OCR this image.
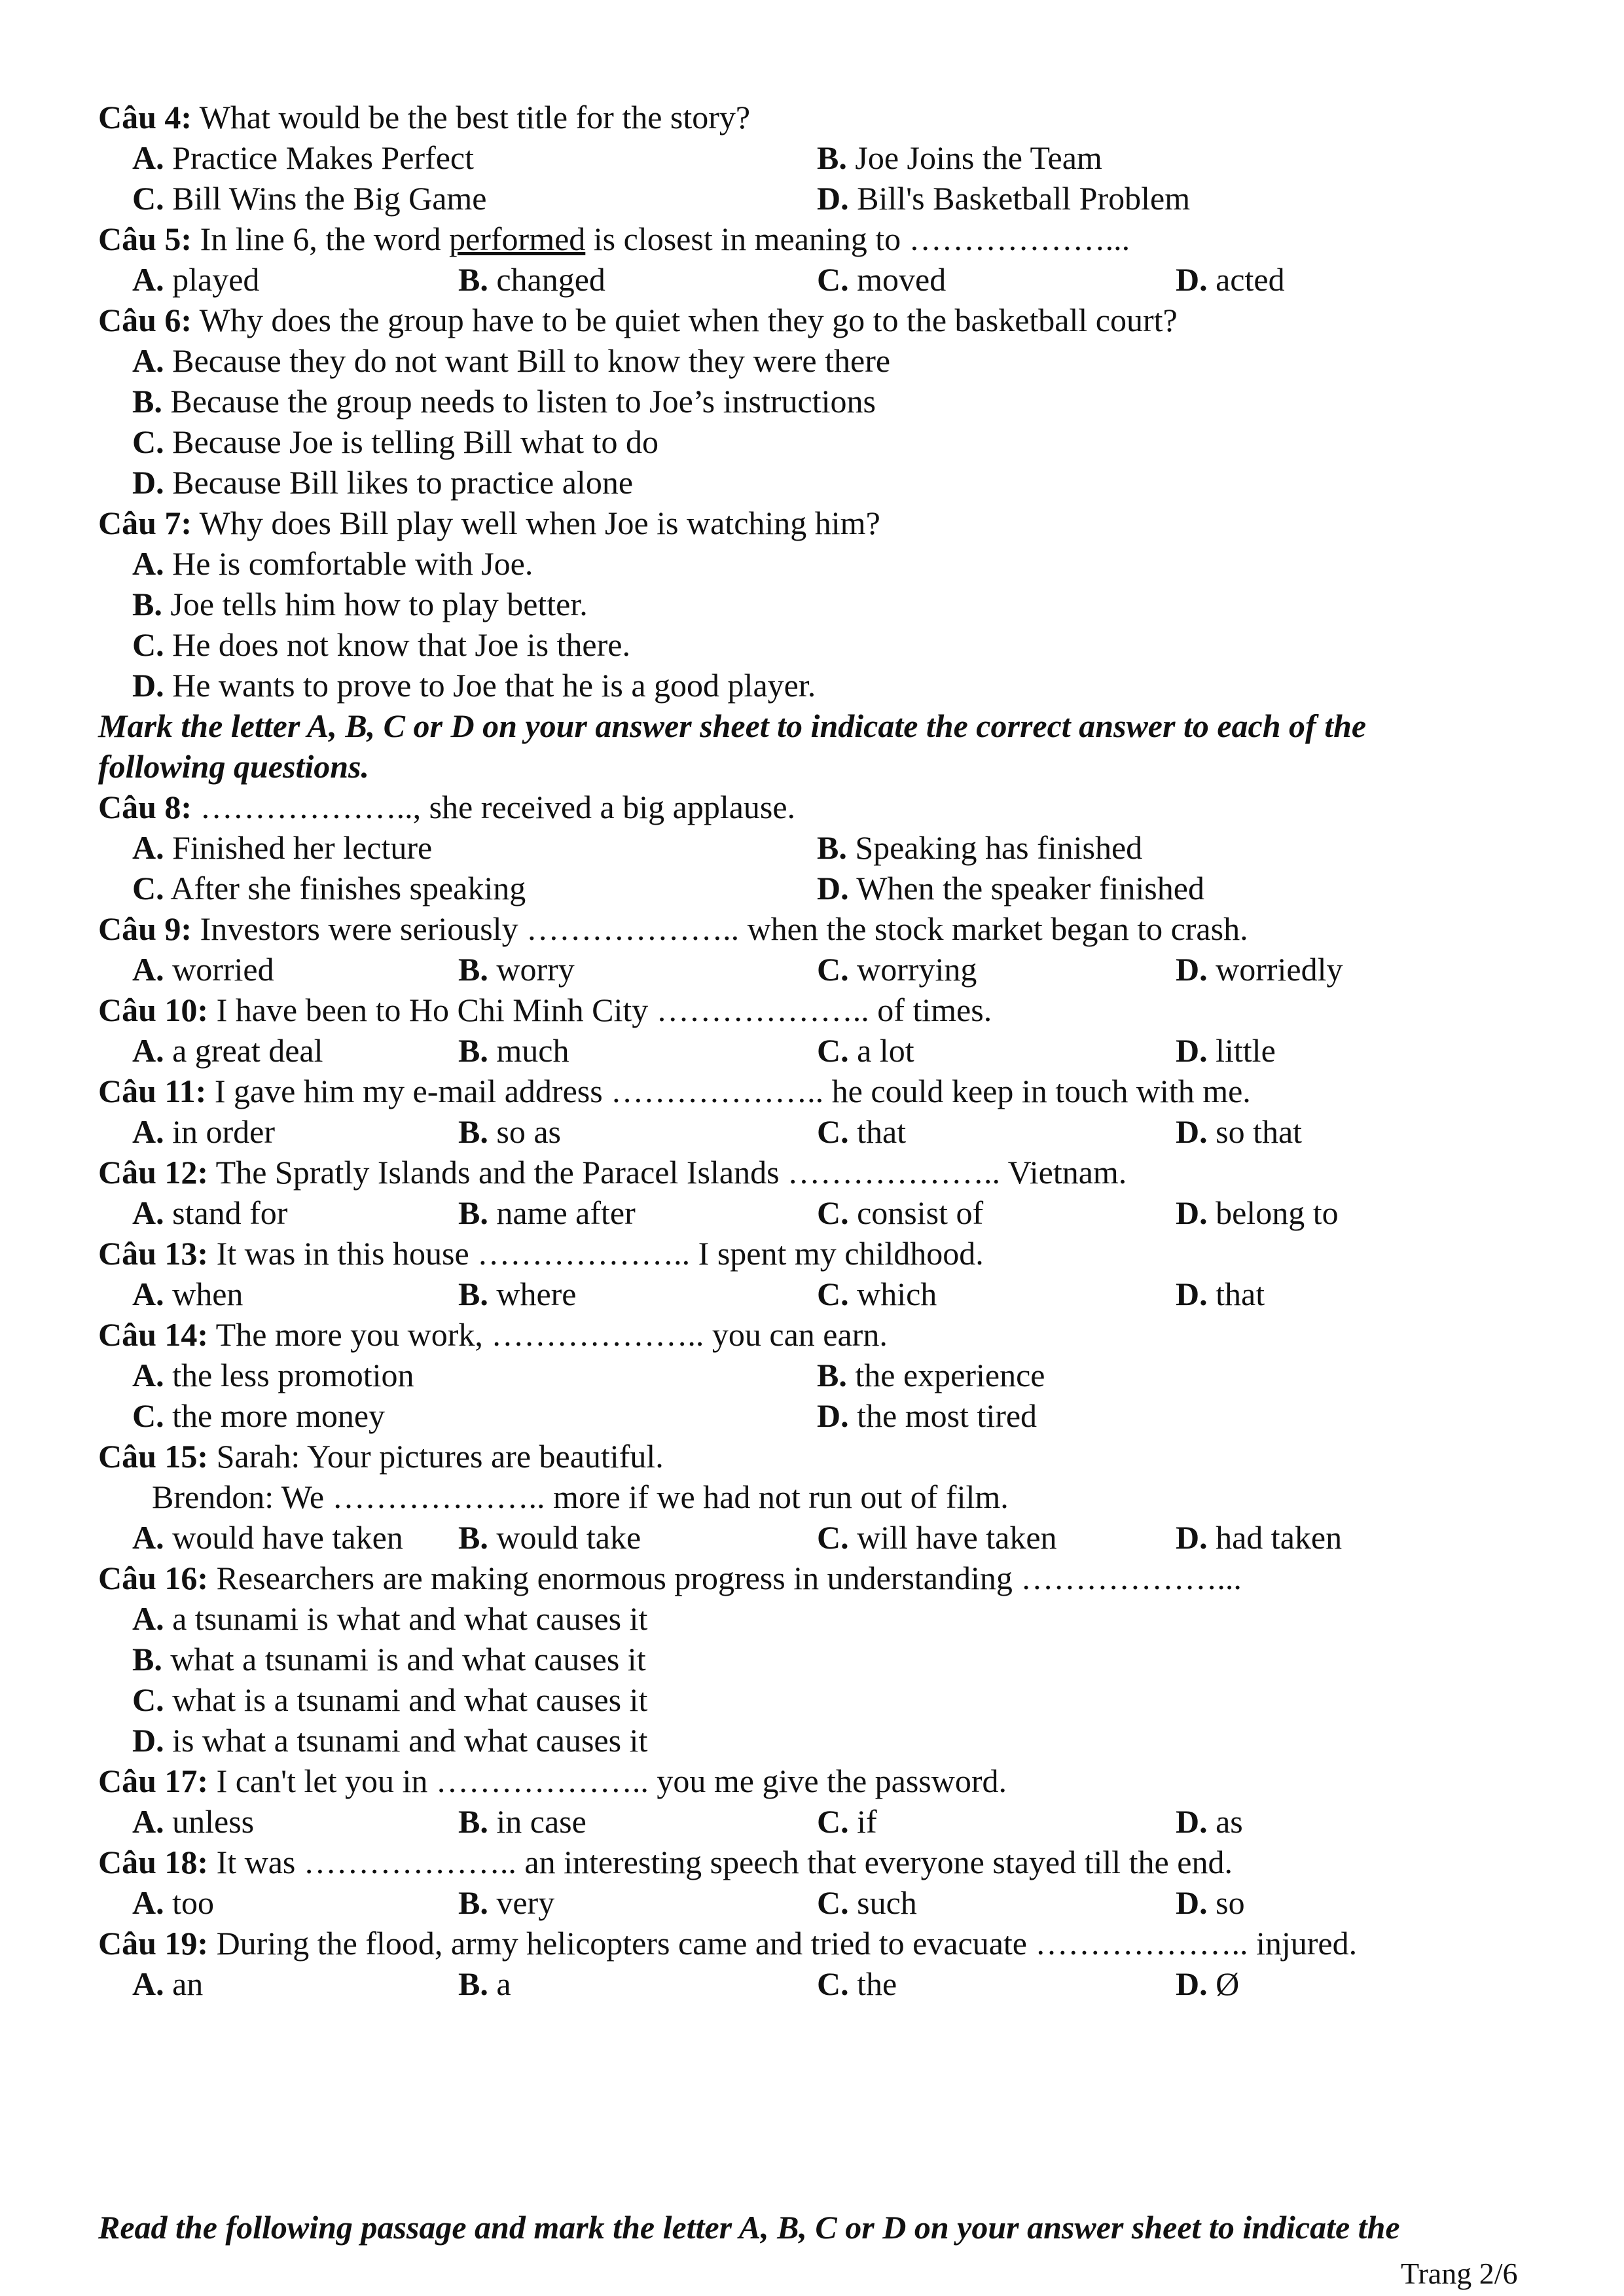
Câu 4: What would be the best title for the story?
A. Practice Makes Perfect	B. Joe Joins the Team
C. Bill Wins the Big Game	D. Bill's Basketball Problem
Câu 5: In line 6, the word performed is closest in meaning to ………………...
A. played	B. changed	C. moved	D. acted
Câu 6: Why does the group have to be quiet when they go to the basketball court?
A. Because they do not want Bill to know they were there
B. Because the group needs to listen to Joe’s instructions
C. Because Joe is telling Bill what to do
D. Because Bill likes to practice alone
Câu 7: Why does Bill play well when Joe is watching him?
A. He is comfortable with Joe.
B. Joe tells him how to play better.
C. He does not know that Joe is there.
D. He wants to prove to Joe that he is a good player.
Mark the letter A, B, C or D on your answer sheet to indicate the correct answer to each of the
following questions.
Câu 8: ……………….., she received a big applause.
A. Finished her lecture	B. Speaking has finished
C. After she finishes speaking	D. When the speaker finished
Câu 9: Investors were seriously ……………….. when the stock market began to crash.
A. worried	B. worry	C. worrying	D. worriedly
Câu 10: I have been to Ho Chi Minh City ……………….. of times.
A. a great deal	B. much	C. a lot	D. little
Câu 11: I gave him my e-mail address ……………….. he could keep in touch with me.
A. in order	B. so as	C. that	D. so that
Câu 12: The Spratly Islands and the Paracel Islands ……………….. Vietnam.
A. stand for	B. name after	C. consist of	D. belong to
Câu 13: It was in this house ……………….. I spent my childhood.
A. when	B. where	C. which	D. that
Câu 14: The more you work, ……………….. you can earn.
A. the less promotion	B. the experience
C. the more money	D. the most tired
Câu 15: Sarah: Your pictures are beautiful.
Brendon: We ……………….. more if we had not run out of film.
A. would have taken B. would take	C. will have taken	D. had taken
Câu 16: Researchers are making enormous progress in understanding ………………...
A. a tsunami is what and what causes it
B. what a tsunami is and what causes it
C. what is a tsunami and what causes it
D. is what a tsunami and what causes it
Câu 17: I can't let you in ……………….. you me give the password.
A. unless	B. in case	C. if	D. as
Câu 18: It was ……………….. an interesting speech that everyone stayed till the end.
A. too	B. very	C. such	D. so
Câu 19: During the flood, army helicopters came and tried to evacuate ……………….. injured.
A. an	B. a	C. the	D. Ø
Read the following passage and mark the letter A, B, C or D on your answer sheet to indicate the
Trang 2/6
